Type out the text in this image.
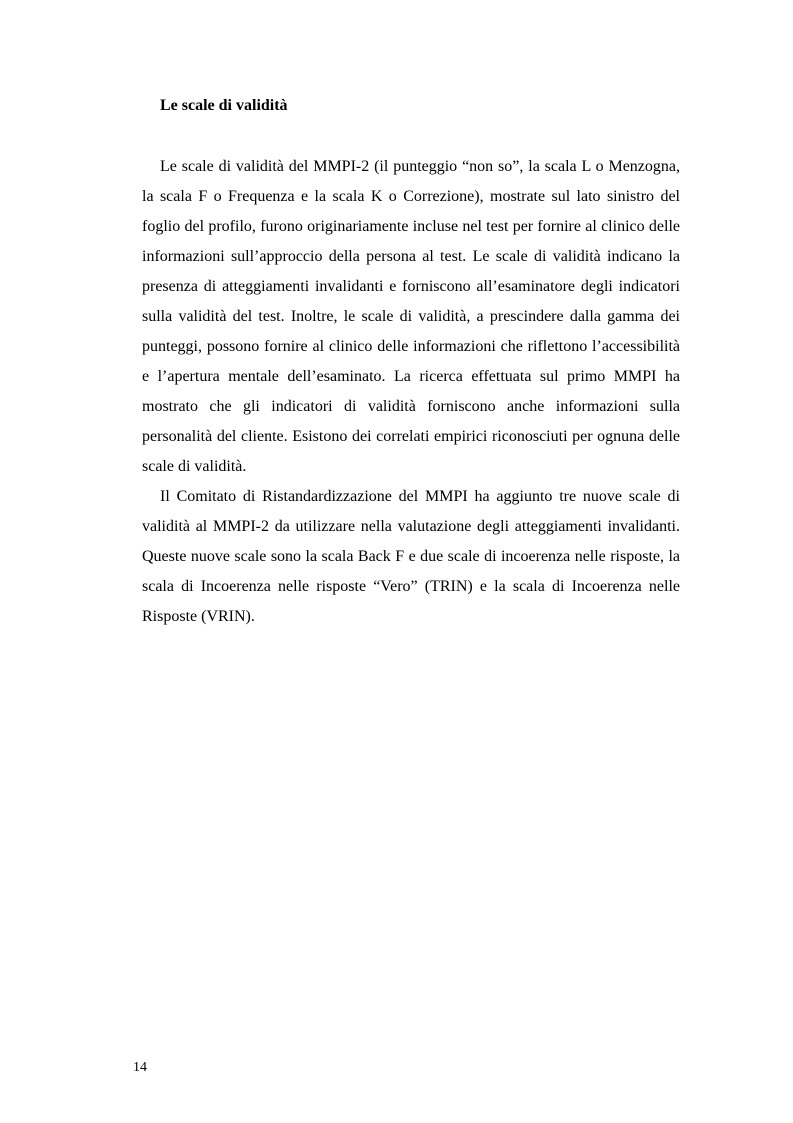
Le scale di validità

Le scale di validità del MMPI-2 (il punteggio “non so”, la scala L o Menzogna, la scala F o Frequenza e la scala K o Correzione), mostrate sul lato sinistro del foglio del profilo, furono originariamente incluse nel test per fornire al clinico delle informazioni sull’approccio della persona al test. Le scale di validità indicano la presenza di atteggiamenti invalidanti e forniscono all’esaminatore degli indicatori sulla validità del test. Inoltre, le scale di validità, a prescindere dalla gamma dei punteggi, possono fornire al clinico delle informazioni che riflettono l’accessibilità e l’apertura mentale dell’esaminato. La ricerca effettuata sul primo MMPI ha mostrato che gli indicatori di validità forniscono anche informazioni sulla personalità del cliente. Esistono dei correlati empirici riconosciuti per ognuna delle scale di validità.

Il Comitato di Ristandardizzazione del MMPI ha aggiunto tre nuove scale di validità al MMPI-2 da utilizzare nella valutazione degli atteggiamenti invalidanti. Queste nuove scale sono la scala Back F e due scale di incoerenza nelle risposte, la scala di Incoerenza nelle risposte “Vero” (TRIN) e la scala di Incoerenza nelle Risposte (VRIN).

14
